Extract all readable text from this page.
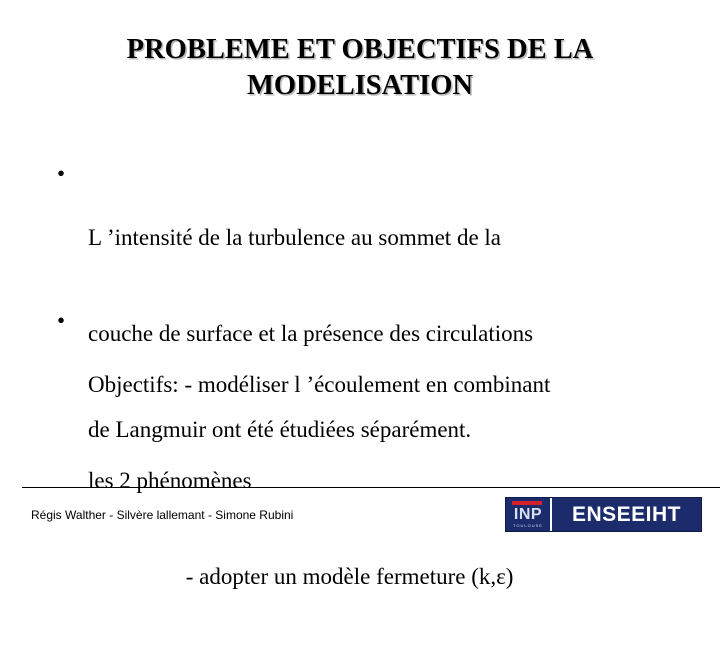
PROBLEME ET OBJECTIFS DE LA
MODELISATION
•

L ’intensité de la turbulence au sommet de la

couche de surface et la présence des circulations

de Langmuir ont été étudiées séparément.

•

Objectifs: - modéliser l ’écoulement en combinant

les 2 phénomènes

- adopter un modèle fermeture (k,ε)

Régis Walther - Silvère lallemant - Simone Rubini	INP
TOULOUSE	ENSEEIHT
